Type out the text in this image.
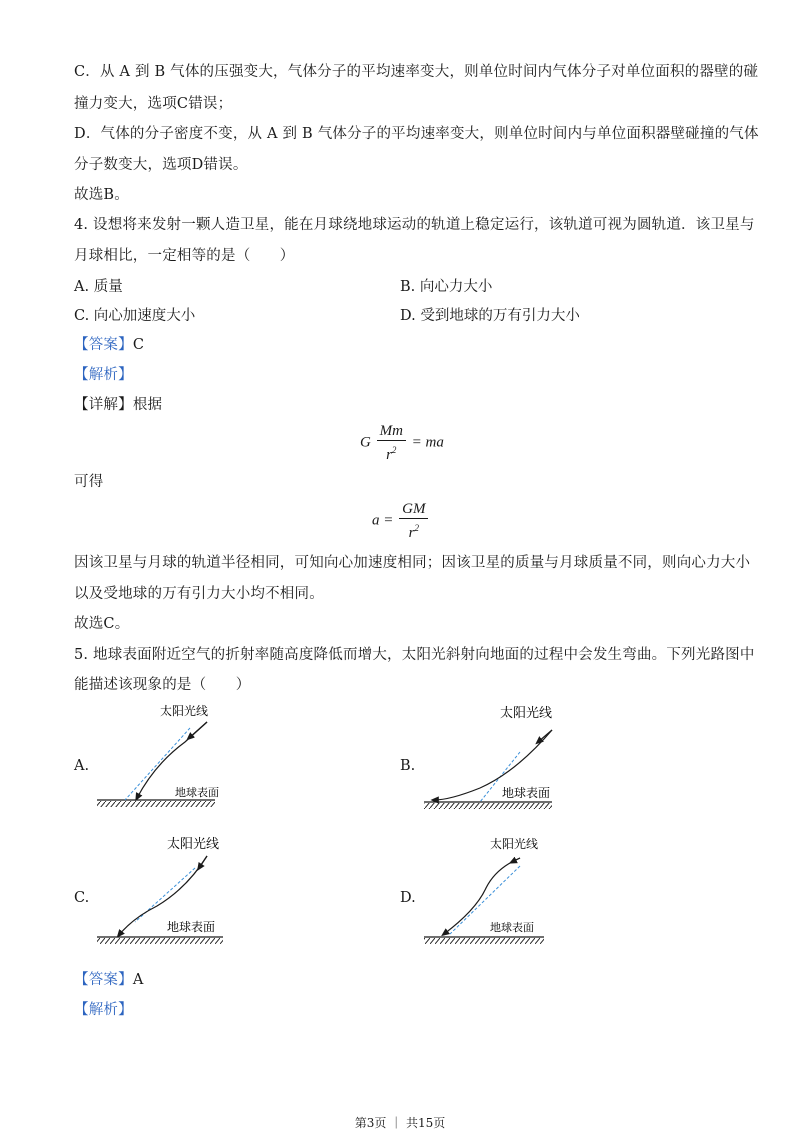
C．从 A 到 B 气体的压强变大，气体分子的平均速率变大，则单位时间内气体分子对单位面积的器壁的碰
撞力变大，选项C错误；
D．气体的分子密度不变，从 A 到 B 气体分子的平均速率变大，则单位时间内与单位面积器壁碰撞的气体
分子数变大，选项D错误。
故选B。
4. 设想将来发射一颗人造卫星，能在月球绕地球运动的轨道上稳定运行，该轨道可视为圆轨道．该卫星与
月球相比，一定相等的是（　　）
A. 质量	B. 向心力大小
C. 向心加速度大小	D. 受到地球的万有引力大小
【答案】C
【解析】
【详解】根据
G $\frac{Mm}{r^2}$ = ma
可得
$a = \frac{GM}{r^2}$
因该卫星与月球的轨道半径相同，可知向心加速度相同；因该卫星的质量与月球质量不同，则向心力大小
以及受地球的万有引力大小均不相同。
故选C。
5. 地球表面附近空气的折射率随高度降低而增大，太阳光斜射向地面的过程中会发生弯曲。下列光路图中
能描述该现象的是（　　）
A.	B.
C.	D.
太阳光线
地球表面
太阳光线
地球表面
太阳光线
地球表面
太阳光线
地球表面
【答案】A
【解析】
第3页 ｜ 共15页
